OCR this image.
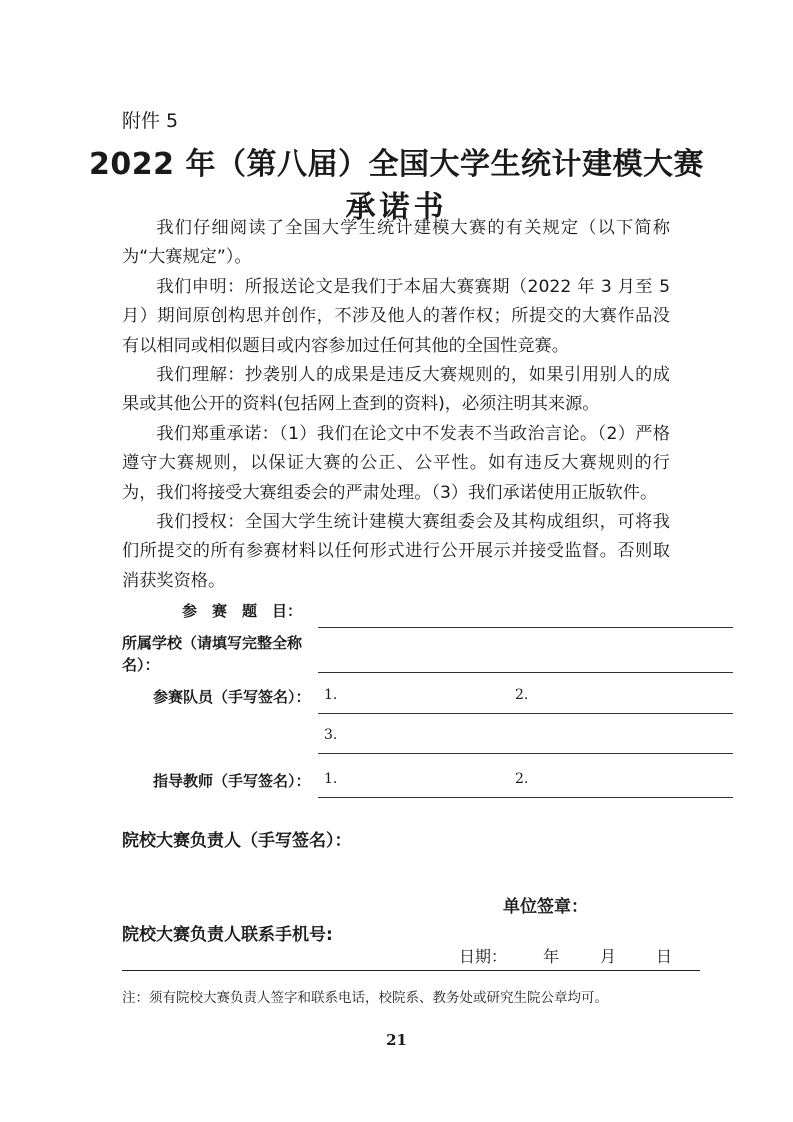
附件 5
2022 年（第八届）全国大学生统计建模大赛
承诺书

我们仔细阅读了全国大学生统计建模大赛的有关规定（以下简称为“大赛规定”）。

我们申明：所报送论文是我们于本届大赛赛期（2022 年 3 月至 5 月）期间原创构思并创作，不涉及他人的著作权；所提交的大赛作品没有以相同或相似题目或内容参加过任何其他的全国性竞赛。

我们理解：抄袭别人的成果是违反大赛规则的，如果引用别人的成果或其他公开的资料(包括网上查到的资料)，必须注明其来源。

我们郑重承诺：（1）我们在论文中不发表不当政治言论。（2）严格遵守大赛规则，以保证大赛的公正、公平性。如有违反大赛规则的行为，我们将接受大赛组委会的严肃处理。（3）我们承诺使用正版软件。

我们授权：全国大学生统计建模大赛组委会及其构成组织，可将我们所提交的所有参赛材料以任何形式进行公开展示并接受监督。否则取消获奖资格。

参　赛　题　目：
所属学校（请填写完整全称
名）：
参赛队员（手写签名）： 1.	2.
3.
指导教师（手写签名）： 1.	2.
院校大赛负责人（手写签名）：
单位签章：
院校大赛负责人联系手机号:
日期： 年	月 日
注：须有院校大赛负责人签字和联系电话，校院系、教务处或研究生院公章均可。
21
